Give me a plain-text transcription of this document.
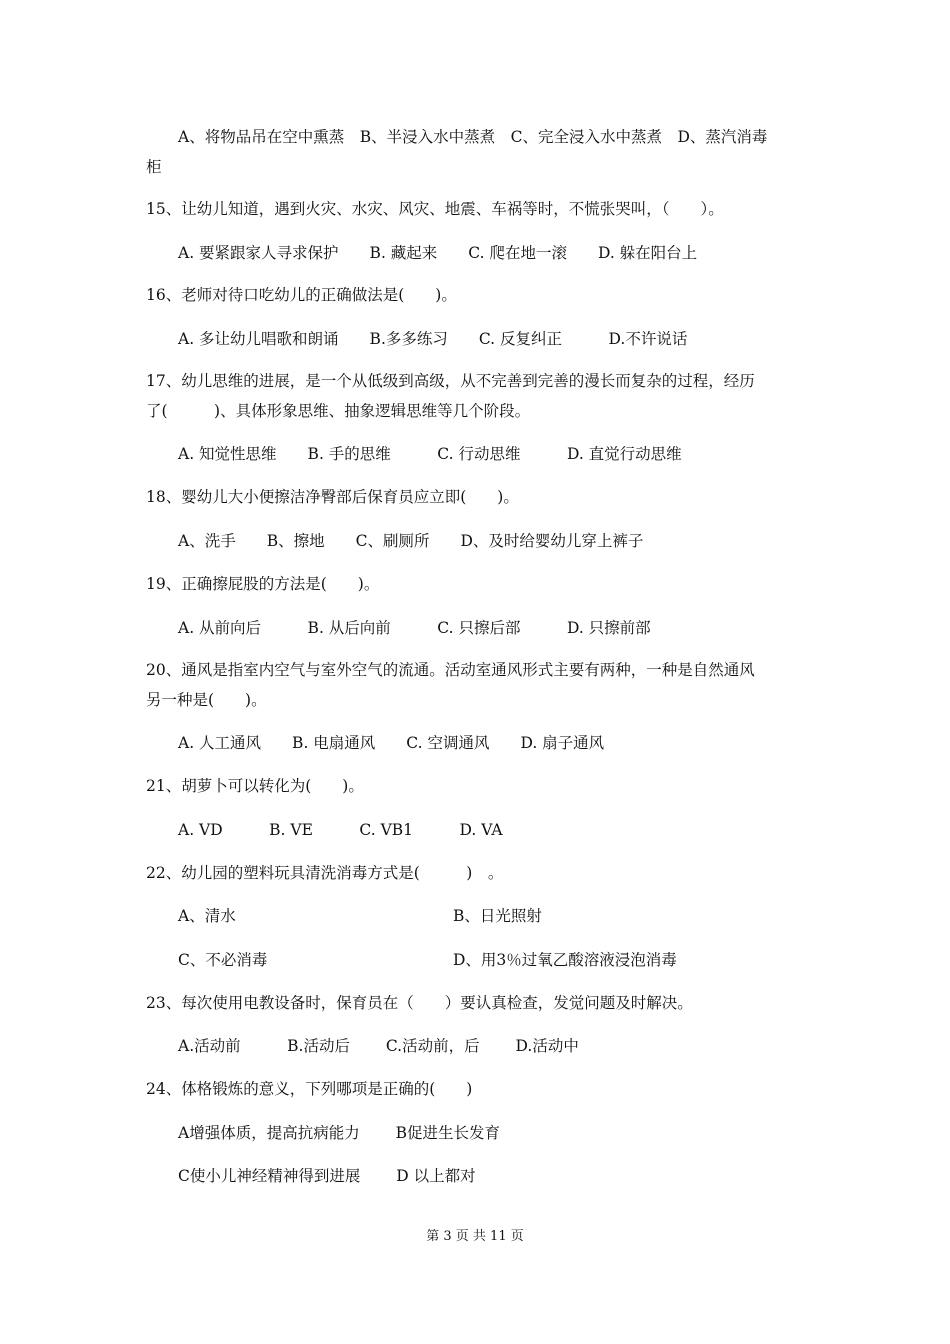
A、将物品吊在空中熏蒸　B、半浸入水中蒸煮　C、完全浸入水中蒸煮　D、蒸汽消毒
柜
15、让幼儿知道，遇到火灾、水灾、风灾、地震、车祸等时，不慌张哭叫，（　　）。
A. 要紧跟家人寻求保护　　B. 藏起来　　C. 爬在地一滚　　D. 躲在阳台上
16、老师对待口吃幼儿的正确做法是(　　)。
A. 多让幼儿唱歌和朗诵　　B.多多练习　　C. 反复纠正　　　D.不许说话
17、幼儿思维的进展，是一个从低级到高级，从不完善到完善的漫长而复杂的过程，经历
了(　　　)、具体形象思维、抽象逻辑思维等几个阶段。
A. 知觉性思维　　B. 手的思维　　　C. 行动思维　　　D. 直觉行动思维
18、婴幼儿大小便擦洁净臀部后保育员应立即(　　)。
A、洗手　　B、擦地　　C、刷厕所　　D、及时给婴幼儿穿上裤子
19、正确擦屁股的方法是(　　)。
A. 从前向后　　　B. 从后向前　　　C. 只擦后部　　　D. 只擦前部
20、通风是指室内空气与室外空气的流通。活动室通风形式主要有两种，一种是自然通风
另一种是(　　)。
A. 人工通风　　B. 电扇通风　　C. 空调通风　　D. 扇子通风
21、胡萝卜可以转化为(　　)。
A. VD　　　B. VE　　　C. VB1　　　D. VA
22、幼儿园的塑料玩具清洗消毒方式是(　　　)　。
A、清水	B、日光照射
C、不必消毒	D、用3％过氧乙酸溶液浸泡消毒
23、每次使用电教设备时，保育员在（　　）要认真检查，发觉问题及时解决。
A.活动前　　　B.活动后　　 C.活动前，后　　 D.活动中
24、体格锻炼的意义，下列哪项是正确的(　　)
A增强体质，提高抗病能力　　 B促进生长发育
C使小儿神经精神得到进展　　 D 以上都对
第 3 页 共 11 页
